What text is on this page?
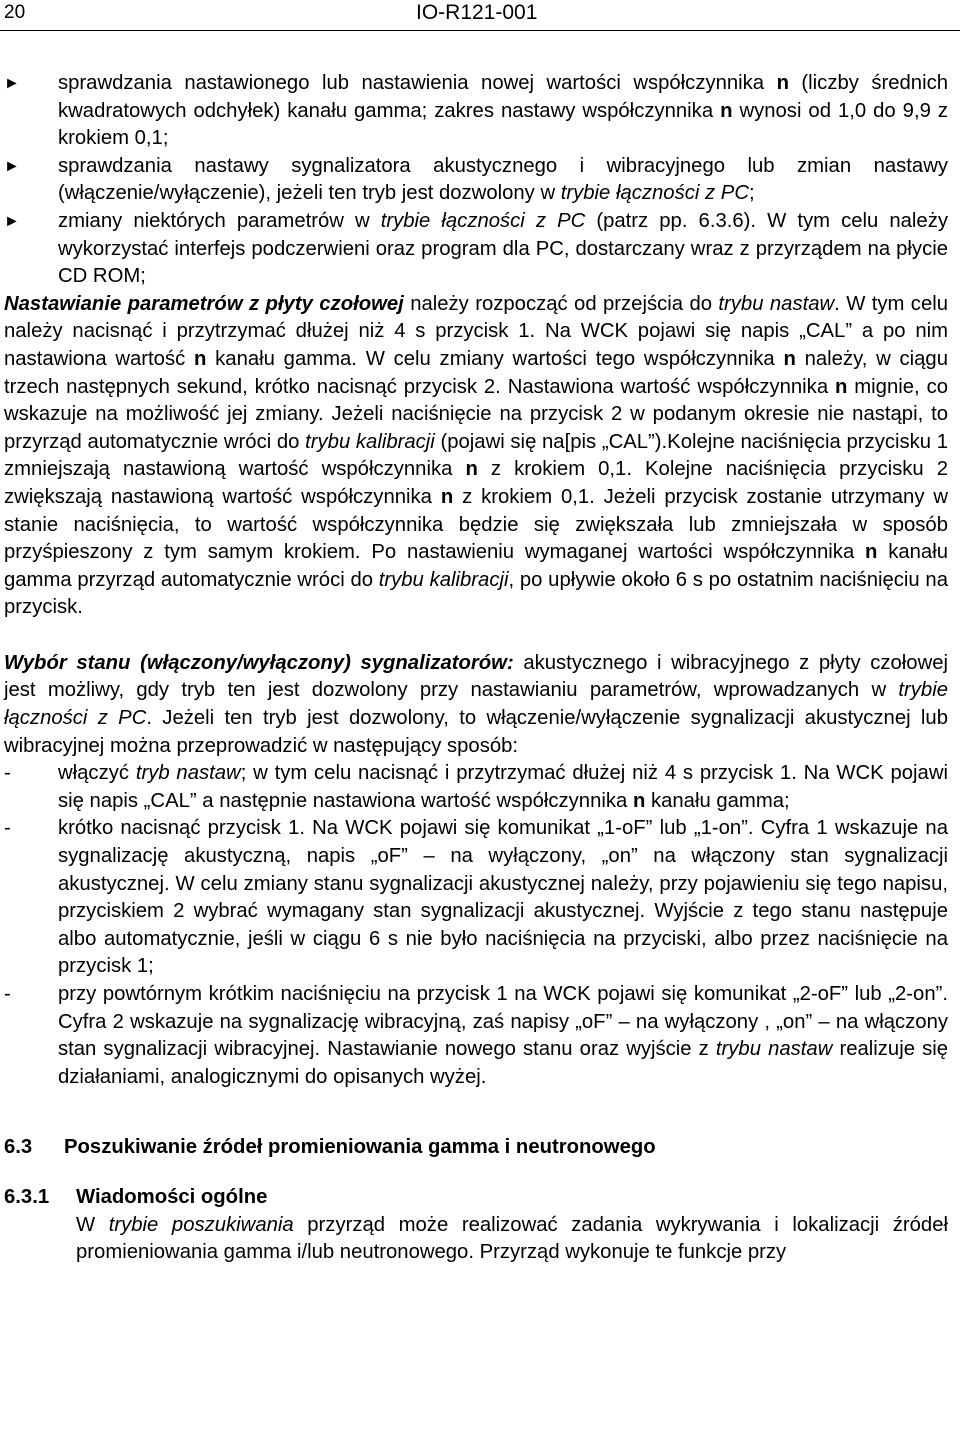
20	IO-R121-001
►	sprawdzania nastawionego lub nastawienia nowej wartości współczynnika n (liczby średnich kwadratowych odchyłek) kanału gamma; zakres nastawy współczynnika n wynosi od 1,0 do 9,9 z krokiem 0,1;
►	sprawdzania nastawy sygnalizatora akustycznego i wibracyjnego lub zmian nastawy (włączenie/wyłączenie), jeżeli ten tryb jest dozwolony w trybie łączności z PC;
►	zmiany niektórych parametrów w trybie łączności z PC (patrz pp. 6.3.6). W tym celu należy wykorzystać interfejs podczerwieni oraz program dla PC, dostarczany wraz z przyrządem na płycie CD ROM;

Nastawianie parametrów z płyty czołowej należy rozpocząć od przejścia do trybu nastaw. W tym celu należy nacisnąć i przytrzymać dłużej niż 4 s przycisk 1. Na WCK pojawi się napis „CAL” a po nim nastawiona wartość n kanału gamma. W celu zmiany wartości tego współczynnika n należy, w ciągu trzech następnych sekund, krótko nacisnąć przycisk 2. Nastawiona wartość współczynnika n mignie, co wskazuje na możliwość jej zmiany. Jeżeli naciśnięcie na przycisk 2 w podanym okresie nie nastąpi, to przyrząd automatycznie wróci do trybu kalibracji (pojawi się na[pis „CAL”).Kolejne naciśnięcia przycisku 1 zmniejszają nastawioną wartość współczynnika n z krokiem 0,1. Kolejne naciśnięcia przycisku 2 zwiększają nastawioną wartość współczynnika n z krokiem 0,1. Jeżeli przycisk zostanie utrzymany w stanie naciśnięcia, to wartość współczynnika będzie się zwiększała lub zmniejszała w sposób przyśpieszony z tym samym krokiem. Po nastawieniu wymaganej wartości współczynnika n kanału gamma przyrząd automatycznie wróci do trybu kalibracji, po upływie około 6 s po ostatnim naciśnięciu na przycisk.

Wybór stanu (włączony/wyłączony) sygnalizatorów: akustycznego i wibracyjnego z płyty czołowej jest możliwy, gdy tryb ten jest dozwolony przy nastawianiu parametrów, wprowadzanych w trybie łączności z PC. Jeżeli ten tryb jest dozwolony, to włączenie/wyłączenie sygnalizacji akustycznej lub wibracyjnej można przeprowadzić w następujący sposób:

-	włączyć tryb nastaw; w tym celu nacisnąć i przytrzymać dłużej niż 4 s przycisk 1. Na WCK pojawi się napis „CAL” a następnie nastawiona wartość współczynnika n kanału gamma;
-	krótko nacisnąć przycisk 1. Na WCK pojawi się komunikat „1-oF” lub „1-on”. Cyfra 1 wskazuje na sygnalizację akustyczną, napis „oF” – na wyłączony, „on” na włączony stan sygnalizacji akustycznej. W celu zmiany stanu sygnalizacji akustycznej należy, przy pojawieniu się tego napisu, przyciskiem 2 wybrać wymagany stan sygnalizacji akustycznej. Wyjście z tego stanu następuje albo automatycznie, jeśli w ciągu 6 s nie było naciśnięcia na przyciski, albo przez naciśnięcie na przycisk 1;
-	przy powtórnym krótkim naciśnięciu na przycisk 1 na WCK pojawi się komunikat „2-oF” lub „2-on”. Cyfra 2 wskazuje na sygnalizację wibracyjną, zaś napisy „oF” – na wyłączony , „on” – na włączony stan sygnalizacji wibracyjnej. Nastawianie nowego stanu oraz wyjście z trybu nastaw realizuje się działaniami, analogicznymi do opisanych wyżej.
6.3	Poszukiwanie źródeł promieniowania gamma i neutronowego
6.3.1	Wiadomości ogólne

W trybie poszukiwania przyrząd może realizować zadania wykrywania i lokalizacji źródeł promieniowania gamma i/lub neutronowego. Przyrząd wykonuje te funkcje przy
